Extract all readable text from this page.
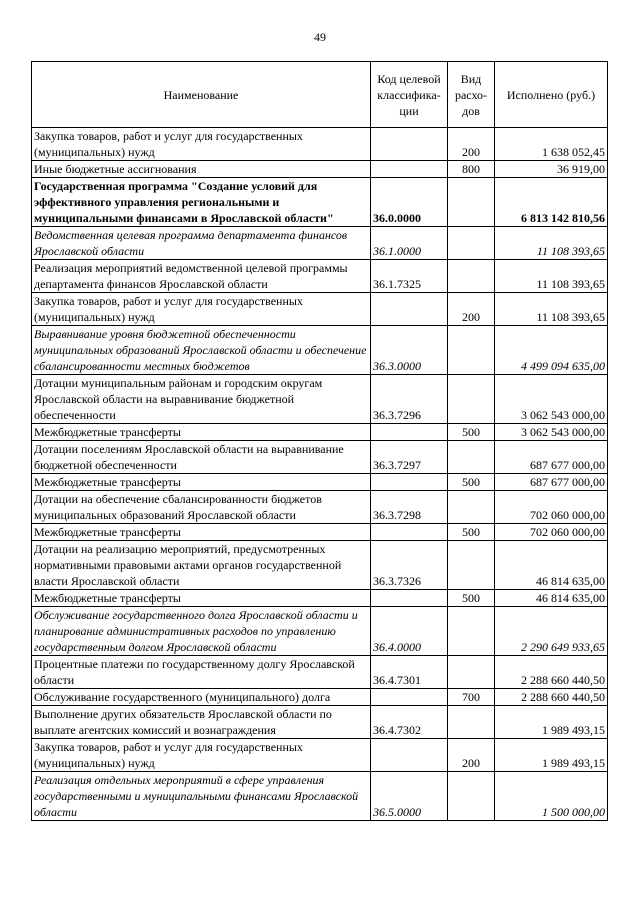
49
Наименование	Код целевой классифика-ции	Вид расхо-дов	Исполнено (руб.)
Закупка товаров, работ и услуг для государственных (муниципальных) нужд		200	1 638 052,45
Иные бюджетные ассигнования		800	36 919,00
Государственная программа "Создание условий для эффективного управления региональными и муниципальными финансами в Ярославской области"	36.0.0000		6 813 142 810,56
Ведомственная целевая программа департамента финансов Ярославской области	36.1.0000		11 108 393,65
Реализация мероприятий ведомственной целевой программы департамента финансов Ярославской области	36.1.7325		11 108 393,65
Закупка товаров, работ и услуг для государственных (муниципальных) нужд		200	11 108 393,65
Выравнивание уровня бюджетной обеспеченности муниципальных образований Ярославской области и обеспечение сбалансированности местных бюджетов	36.3.0000		4 499 094 635,00
Дотации муниципальным районам и городским округам Ярославской области на выравнивание бюджетной обеспеченности	36.3.7296		3 062 543 000,00
Межбюджетные трансферты		500	3 062 543 000,00
Дотации поселениям Ярославской области на выравнивание бюджетной обеспеченности	36.3.7297		687 677 000,00
Межбюджетные трансферты		500	687 677 000,00
Дотации на обеспечение сбалансированности бюджетов муниципальных образований Ярославской области	36.3.7298		702 060 000,00
Межбюджетные трансферты		500	702 060 000,00
Дотации на реализацию мероприятий, предусмотренных нормативными правовыми актами органов государственной власти Ярославской области	36.3.7326		46 814 635,00
Межбюджетные трансферты		500	46 814 635,00
Обслуживание государственного долга Ярославской области и планирование административных расходов по управлению государственным долгом Ярославской области	36.4.0000		2 290 649 933,65
Процентные платежи по государственному долгу Ярославской области	36.4.7301		2 288 660 440,50
Обслуживание государственного (муниципального) долга		700	2 288 660 440,50
Выполнение других обязательств Ярославской области по выплате агентских комиссий и вознаграждения	36.4.7302		1 989 493,15
Закупка товаров, работ и услуг для государственных (муниципальных) нужд		200	1 989 493,15
Реализация отдельных мероприятий в сфере управления государственными и муниципальными финансами Ярославской области	36.5.0000		1 500 000,00
